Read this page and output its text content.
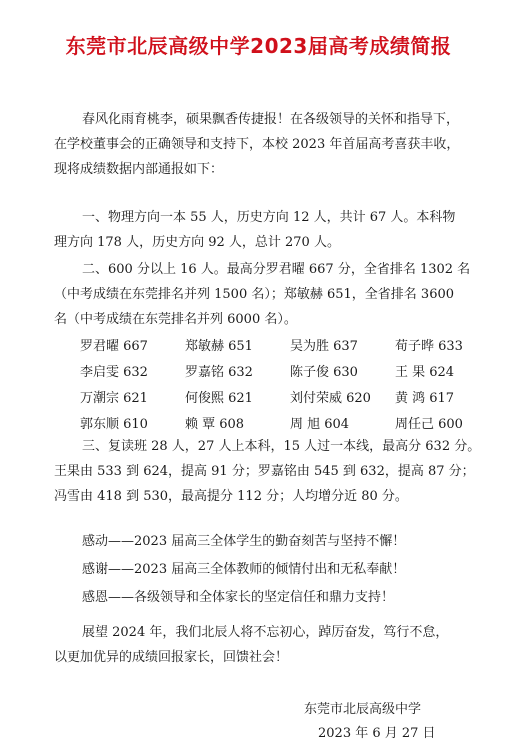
东莞市北辰高级中学2023届高考成绩简报

春风化雨育桃李，硕果飘香传捷报！在各级领导的关怀和指导下，

在学校董事会的正确领导和支持下，本校 2023 年首届高考喜获丰收，

现将成绩数据内部通报如下：

一、物理方向一本 55 人，历史方向 12 人，共计 67 人。本科物

理方向 178 人，历史方向 92 人，总计 270 人。

二、600 分以上 16 人。最高分罗君曜 667 分，全省排名 1302 名

（中考成绩在东莞排名并列 1500 名）；郑敏赫 651，全省排名 3600

名（中考成绩在东莞排名并列 6000 名）。

罗君曜 667	郑敏赫 651	吴为胜 637	荀子晔 633
李启雯 632	罗嘉铭 632	陈子俊 630	王 果 624
万潮宗 621	何俊熙 621	刘付荣威 620	黄 鸿 617
郭东顺 610	赖 覃 608	周 旭 604	周任己 600

三、复读班 28 人，27 人上本科，15 人过一本线，最高分 632 分。

王果由 533 到 624，提高 91 分；罗嘉铭由 545 到 632，提高 87 分；

冯雪由 418 到 530，最高提分 112 分；人均增分近 80 分。

感动——2023 届高三全体学生的勤奋刻苦与坚持不懈！

感谢——2023 届高三全体教师的倾情付出和无私奉献！

感恩——各级领导和全体家长的坚定信任和鼎力支持！

展望 2024 年，我们北辰人将不忘初心，踔厉奋发，笃行不怠，

以更加优异的成绩回报家长，回馈社会！

东莞市北辰高级中学
2023 年 6 月 27 日
